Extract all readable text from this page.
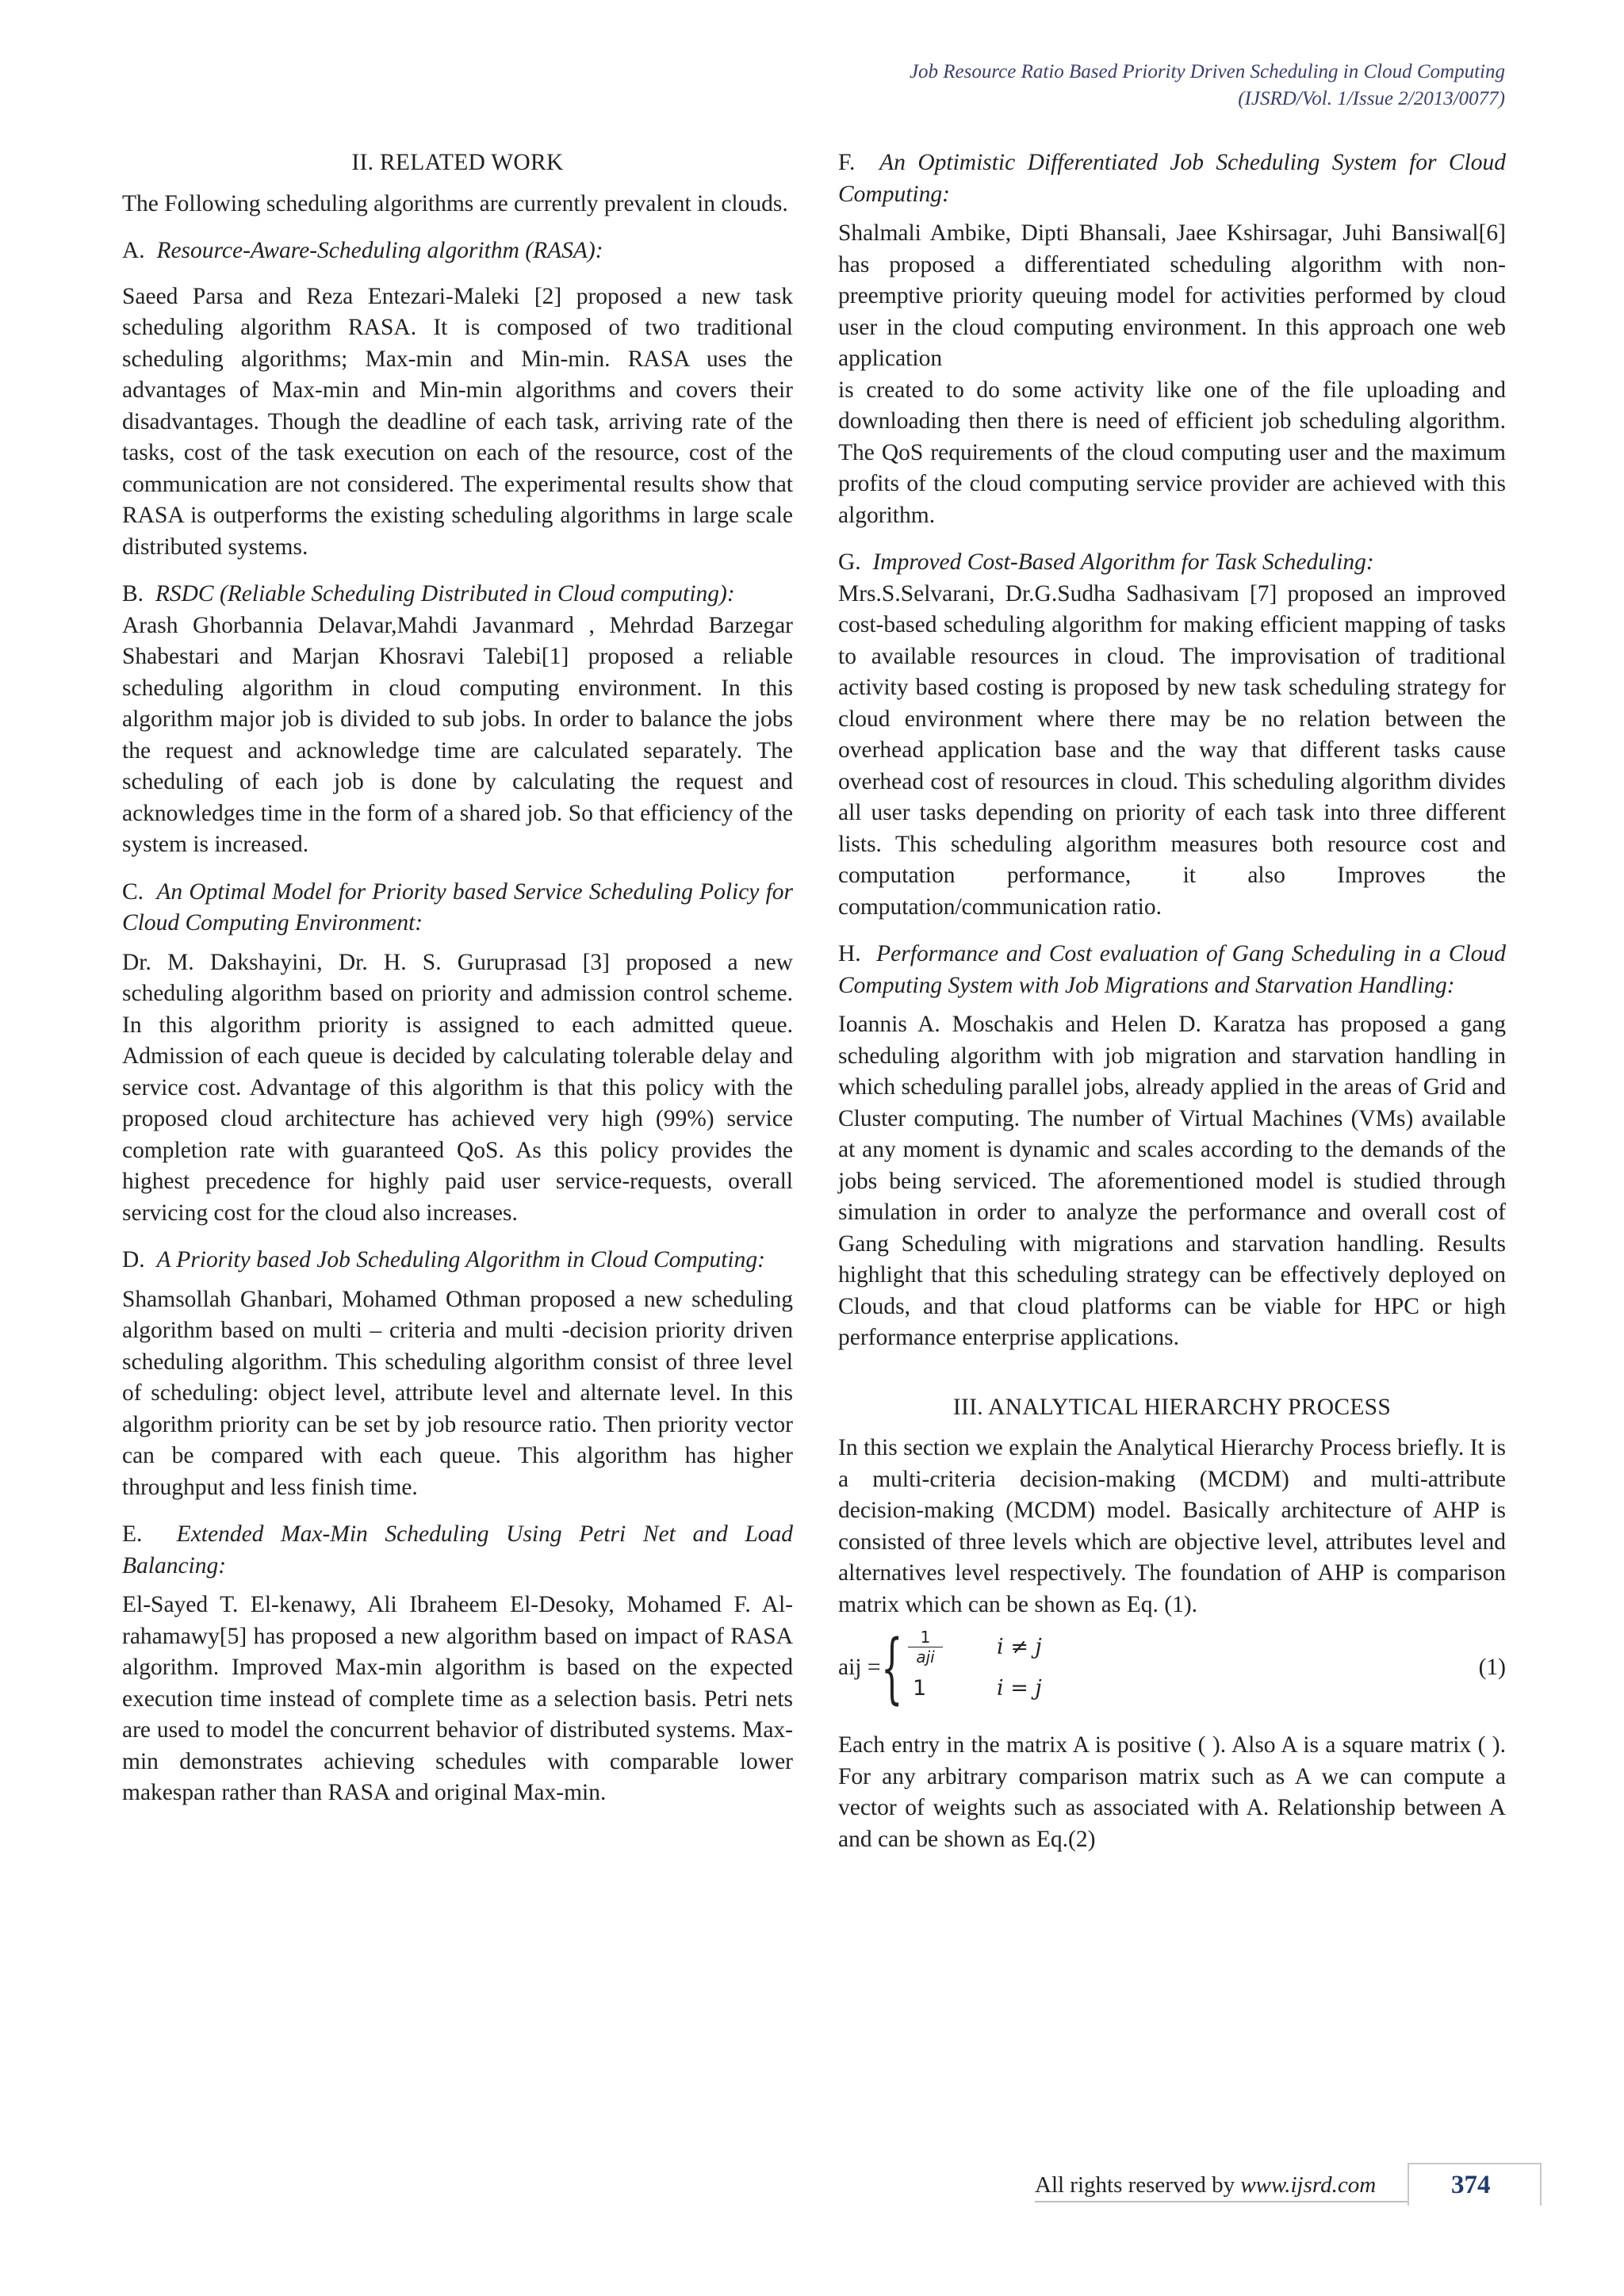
Job Resource Ratio Based Priority Driven Scheduling in Cloud Computing
(IJSRD/Vol. 1/Issue 2/2013/0077)
II. RELATED WORK

The Following scheduling algorithms are currently prevalent in clouds.

A. Resource-Aware-Scheduling algorithm (RASA):

Saeed Parsa and Reza Entezari-Maleki [2] proposed a new task scheduling algorithm RASA. It is composed of two traditional scheduling algorithms; Max-min and Min-min. RASA uses the advantages of Max-min and Min-min algorithms and covers their disadvantages. Though the deadline of each task, arriving rate of the tasks, cost of the task execution on each of the resource, cost of the communication are not considered. The experimental results show that RASA is outperforms the existing scheduling algorithms in large scale distributed systems.

B. RSDC (Reliable Scheduling Distributed in Cloud computing):

Arash Ghorbannia Delavar,Mahdi Javanmard , Mehrdad Barzegar Shabestari and Marjan Khosravi Talebi[1] proposed a reliable scheduling algorithm in cloud computing environment. In this algorithm major job is divided to sub jobs. In order to balance the jobs the request and acknowledge time are calculated separately. The scheduling of each job is done by calculating the request and acknowledges time in the form of a shared job. So that efficiency of the system is increased.

C. An Optimal Model for Priority based Service Scheduling Policy for Cloud Computing Environment:

Dr. M. Dakshayini, Dr. H. S. Guruprasad [3] proposed a new scheduling algorithm based on priority and admission control scheme. In this algorithm priority is assigned to each admitted queue. Admission of each queue is decided by calculating tolerable delay and service cost. Advantage of this algorithm is that this policy with the proposed cloud architecture has achieved very high (99%) service completion rate with guaranteed QoS. As this policy provides the highest precedence for highly paid user service-requests, overall servicing cost for the cloud also increases.

D. A Priority based Job Scheduling Algorithm in Cloud Computing:

Shamsollah Ghanbari, Mohamed Othman proposed a new scheduling algorithm based on multi – criteria and multi -decision priority driven scheduling algorithm. This scheduling algorithm consist of three level of scheduling: object level, attribute level and alternate level. In this algorithm priority can be set by job resource ratio. Then priority vector can be compared with each queue. This algorithm has higher throughput and less finish time.

E. Extended Max-Min Scheduling Using Petri Net and Load Balancing:

El-Sayed T. El-kenawy, Ali Ibraheem El-Desoky, Mohamed F. Al-rahamawy[5] has proposed a new algorithm based on impact of RASA algorithm. Improved Max-min algorithm is based on the expected execution time instead of complete time as a selection basis. Petri nets are used to model the concurrent behavior of distributed systems. Max-min demonstrates achieving schedules with comparable lower makespan rather than RASA and original Max-min.

F. An Optimistic Differentiated Job Scheduling System for Cloud Computing:

Shalmali Ambike, Dipti Bhansali, Jaee Kshirsagar, Juhi Bansiwal[6] has proposed a differentiated scheduling algorithm with non-preemptive priority queuing model for activities performed by cloud user in the cloud computing environment. In this approach one web application

is created to do some activity like one of the file uploading and downloading then there is need of efficient job scheduling algorithm. The QoS requirements of the cloud computing user and the maximum profits of the cloud computing service provider are achieved with this algorithm.

G. Improved Cost-Based Algorithm for Task Scheduling:

Mrs.S.Selvarani, Dr.G.Sudha Sadhasivam [7] proposed an improved cost-based scheduling algorithm for making efficient mapping of tasks to available resources in cloud. The improvisation of traditional activity based costing is proposed by new task scheduling strategy for cloud environment where there may be no relation between the overhead application base and the way that different tasks cause overhead cost of resources in cloud. This scheduling algorithm divides all user tasks depending on priority of each task into three different lists. This scheduling algorithm measures both resource cost and computation performance, it also Improves the computation/communication ratio.

H. Performance and Cost evaluation of Gang Scheduling in a Cloud Computing System with Job Migrations and Starvation Handling:

Ioannis A. Moschakis and Helen D. Karatza has proposed a gang scheduling algorithm with job migration and starvation handling in which scheduling parallel jobs, already applied in the areas of Grid and Cluster computing. The number of Virtual Machines (VMs) available at any moment is dynamic and scales according to the demands of the jobs being serviced. The aforementioned model is studied through simulation in order to analyze the performance and overall cost of Gang Scheduling with migrations and starvation handling. Results highlight that this scheduling strategy can be effectively deployed on Clouds, and that cloud platforms can be viable for HPC or high performance enterprise applications.

III. ANALYTICAL HIERARCHY PROCESS

In this section we explain the Analytical Hierarchy Process briefly. It is a multi-criteria decision-making (MCDM) and multi-attribute decision-making (MCDM) model. Basically architecture of AHP is consisted of three levels which are objective level, attributes level and alternatives level respectively. The foundation of AHP is comparison matrix which can be shown as Eq. (1).

aij = {	1
aji	i ≠ j
1	i = j
(1)

Each entry in the matrix A is positive ( ). Also A is a square matrix ( ). For any arbitrary comparison matrix such as A we can compute a vector of weights such as associated with A. Relationship between A and can be shown as Eq.(2)

All rights reserved by www.ijsrd.com	374
